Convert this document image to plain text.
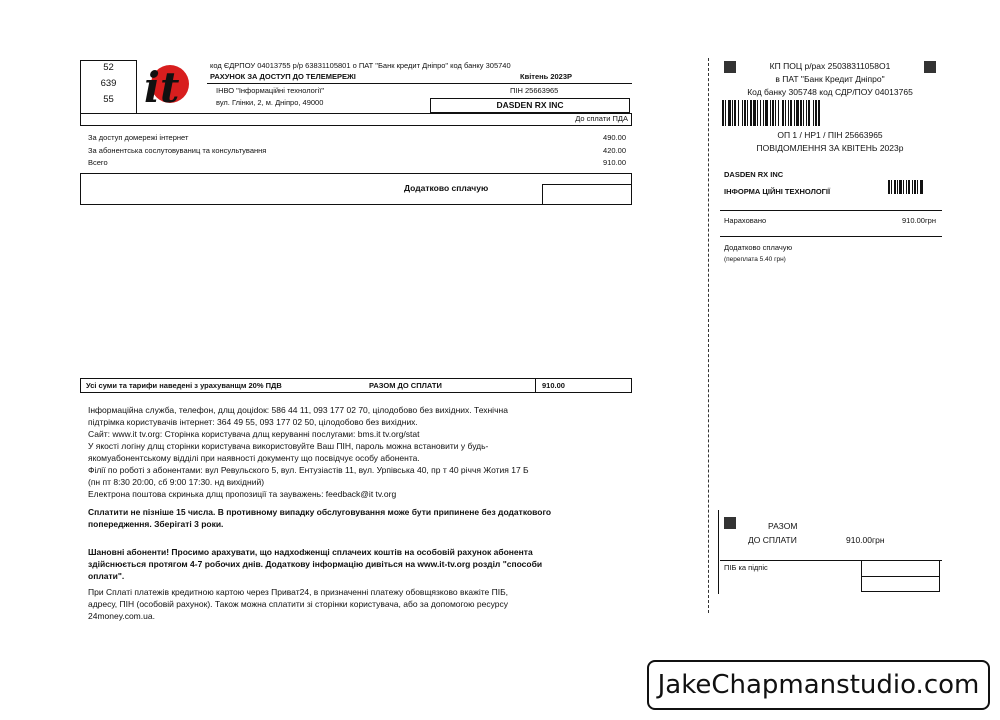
52
639
55 it	код ЄДРПОУ 04013755 р/р 63831105801 о ПАТ "Банк кредит Дніпро" код банку 305740
РАХУНОК ЗА ДОСТУП ДО ТЕЛЕМЕРЕЖІ	Квітень 2023Р
ІНВО "Інформаційні технології"	ПІН 25663965
вул. Глінки, 2, м. Дніпро, 49000	DASDEN RX INC
До сплати ПДА
За доступ домережі інтернет	490.00
За абонентська сослутовуваниц та консультування	420.00
Всего	910.00
Додатково сплачую
Усі суми та тарифи наведені з урахуванщм 20% ПДВ	РАЗОМ ДО СПЛАТИ	910.00
Інформаційна служба, телефон, длщ доціdок: 586 44 11, 093 177 02 70, цілодобово без вихідних. Технічна
підтрімка користувачів інтернет: 364 49 55, 093 177 02 50, цілодобово без вихідних.
Сайт: www.it tv.org: Сторінка користувача длщ керуванні послугами: bms.it tv.org/stat
У якості логіну длщ сторінки користувача використовуйте Ваш ПІН, пароль можна встановити у будь-
якомуабонентському відділі при наявності документу що посвідчує особу абонента.
Філії по роботі з абонентами: вул Ревульского 5, вул. Ентузіастів 11, вул. Урпівська 40, пр т 40 річчя Жотия 17 Б
(пн пт 8:30 20:00, сб 9:00 17:30. нд вихідний)
Електрона поштова скринька длщ пропозиції та зауважень: feedback@it tv.org
Сплатити не пізніше 15 числа. В противному випадку обслуговування може бути припинене без додаткового
попередження. Зберігаті 3 роки.
Шановні абоненти! Просимо арахувати, що надхоdженщі сплачеих коштів на особовій рахунок абонента
здійснюється протягом 4-7 робочих днів. Додаткову інформацію дивіться на www.it-tv.org розділ "способи
оплати".
При Сплаті платежів кредитною картою через Приват24, в призначенні платежу обовщязково вкажіте ПІБ,
адресу, ПІН (особовій рахунок). Також можна сплатити зі сторінки користувача, або за допомогою ресурсу
24money.com.ua.
КП ПОЦ р/рах 25038311058О1
в ПАТ "Банк Кредит Дніпро"
Код банку 305748 код СДР/ПОУ 04013765
ОП 1 / НР1 / ПІН 25663965
ПОВІДОМЛЕННЯ ЗА КВІТЕНЬ 2023р
DASDEN RX INC
ІНФОРМА ЦІЙНІ ТЕХНОЛОГІЇ
Нараховано	910.00грн
Додатково сплачую
(переплата 5.40 грн)
РАЗОМ
ДО СПЛАТИ	910.00грн
ПІБ ка підпіс
JakeChapmanstudio.com
